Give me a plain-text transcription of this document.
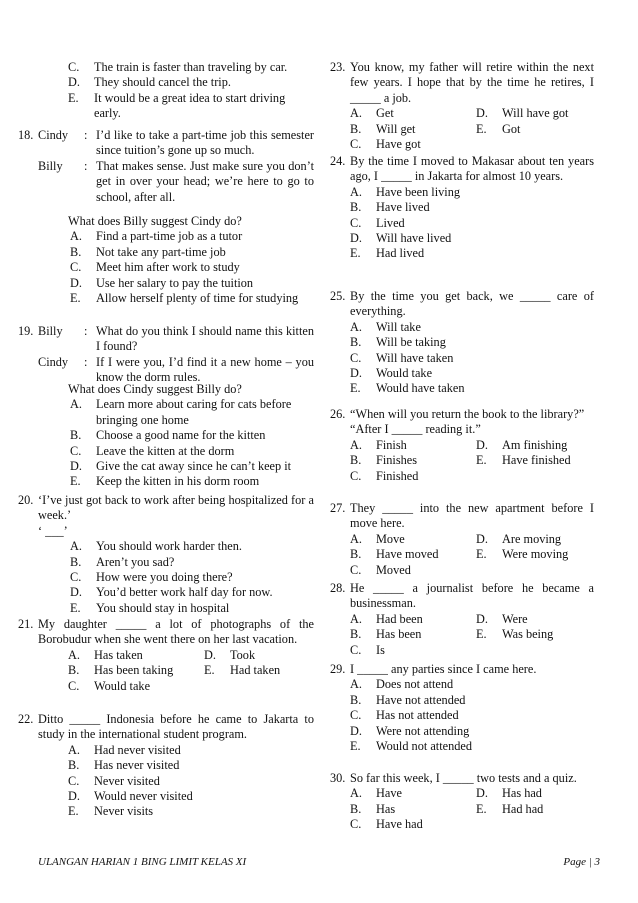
C.	The train is faster than traveling by car.
D.	They should cancel the trip.
E.	It would be a great idea to start driving early.
18. Cindy	: I’d like to take a part-time job this semester since tuition’s gone up so much.
Billy	: That makes sense. Just make sure you don’t get in over your head; we’re here to go to school, after all.
What does Billy suggest Cindy do?
A.	Find a part-time job as a tutor
B.	Not take any part-time job
C.	Meet him after work to study
D.	Use her salary to pay the tuition
E.	Allow herself plenty of time for studying
19. Billy	: What do you think I should name this kitten I found?
Cindy	: If I were you, I’d find it a new home – you know the dorm rules.
What does Cindy suggest Billy do?
A.	Learn more about caring for cats before bringing one home
B.	Choose a good name for the kitten
C.	Leave the kitten at the dorm
D.	Give the cat away since he can’t keep it
E.	Keep the kitten in his dorm room
20. ‘I’ve just got back to work after being hospitalized for a week.’
‘ ___’
A.	You should work harder then.
B.	Aren’t you sad?
C.	How were you doing there?
D.	You’d better work half day for now.
E.	You should stay in hospital
21. My daughter _____ a lot of photographs of the Borobudur when she went there on her last vacation.
A.	Has taken	D.	Took
B.	Has been taking	E.	Had taken
C.	Would take
22. Ditto _____ Indonesia before he came to Jakarta to study in the international student program.
A.	Had never visited
B.	Has never visited
C.	Never visited
D.	Would never visited
E.	Never visits
23. You know, my father will retire within the next few years. I hope that by the time he retires, I _____ a job.
A.	Get	D.	Will have got
B.	Will get	E.	Got
C.	Have got
24. By the time I moved to Makasar about ten years ago, I _____ in Jakarta for almost 10 years.
A.	Have been living
B.	Have lived
C.	Lived
D.	Will have lived
E.	Had lived
25. By the time you get back, we _____ care of everything.
A.	Will take
B.	Will be taking
C.	Will have taken
D.	Would take
E.	Would have taken
26. “When will you return the book to the library?”
“After I _____ reading it.”
A.	Finish	D.	Am finishing
B.	Finishes	E.	Have finished
C.	Finished
27. They _____ into the new apartment before I move here.
A.	Move	D.	Are moving
B.	Have moved	E.	Were moving
C.	Moved
28. He _____ a journalist before he became a businessman.
A.	Had been	D.	Were
B.	Has been	E.	Was being
C.	Is
29. I _____ any parties since I came here.
A.	Does not attend
B.	Have not attended
C.	Has not attended
D.	Were not attending
E.	Would not attended
30. So far this week, I _____ two tests and a quiz.
A.	Have	D.	Has had
B.	Has	E.	Had had
C.	Have had
ULANGAN HARIAN 1 BING LIMIT KELAS XI	Page | 3
